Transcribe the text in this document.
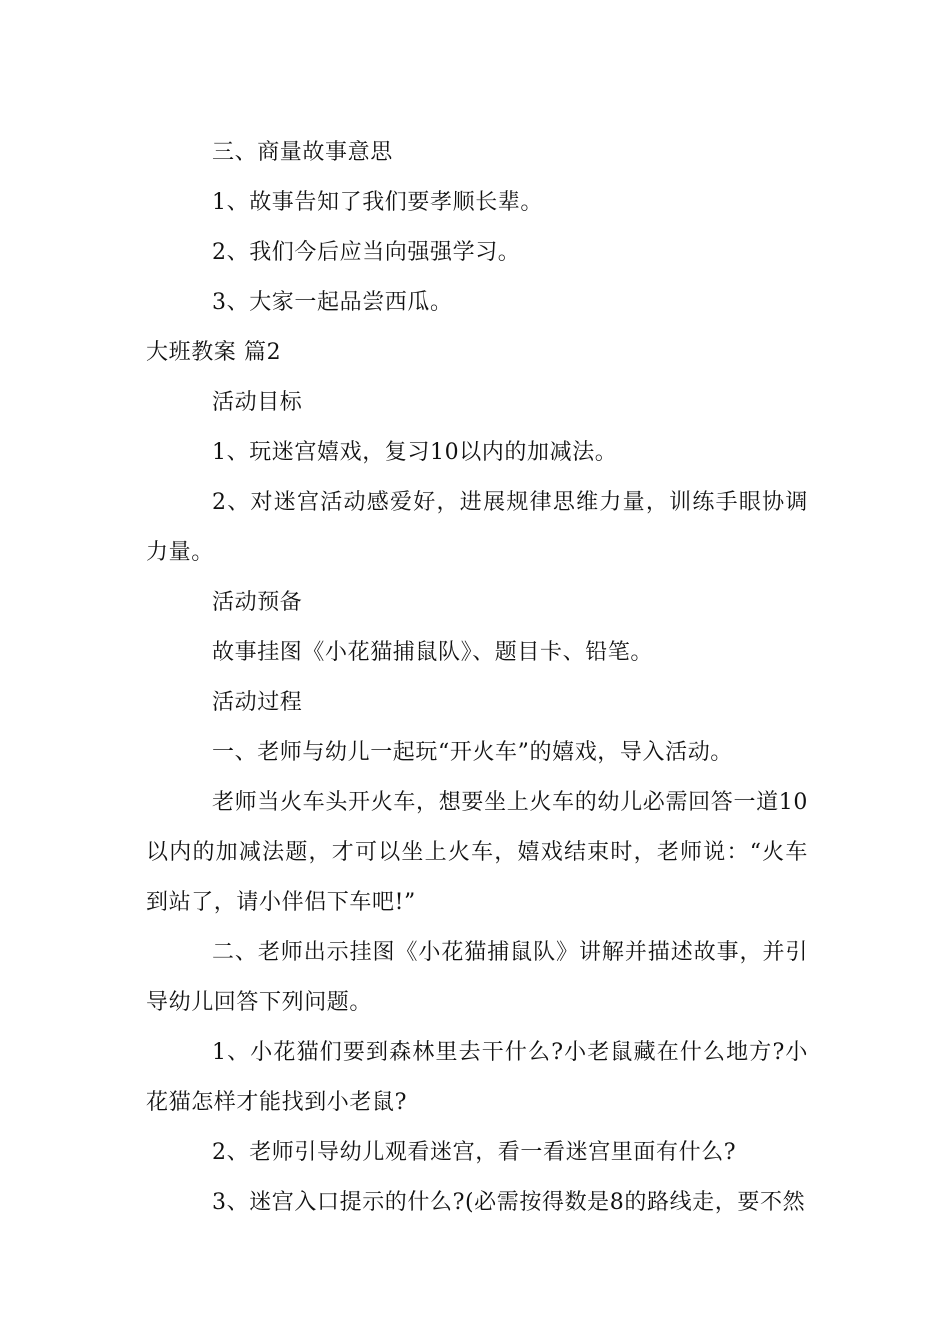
三、商量故事意思

1、故事告知了我们要孝顺长辈。

2、我们今后应当向强强学习。

3、大家一起品尝西瓜。

大班教案 篇2

活动目标

1、玩迷宫嬉戏，复习10以内的加减法。

2、对迷宫活动感爱好，进展规律思维力量，训练手眼协调力量。

活动预备

故事挂图《小花猫捕鼠队》、题目卡、铅笔。

活动过程

一、老师与幼儿一起玩“开火车”的嬉戏，导入活动。

老师当火车头开火车，想要坐上火车的幼儿必需回答一道10以内的加减法题，才可以坐上火车，嬉戏结束时，老师说：“火车到站了，请小伴侣下车吧!”

二、老师出示挂图《小花猫捕鼠队》讲解并描述故事，并引导幼儿回答下列问题。

1、小花猫们要到森林里去干什么?小老鼠藏在什么地方?小花猫怎样才能找到小老鼠?

2、老师引导幼儿观看迷宫，看一看迷宫里面有什么?

3、迷宫入口提示的什么?(必需按得数是8的路线走，要不然
